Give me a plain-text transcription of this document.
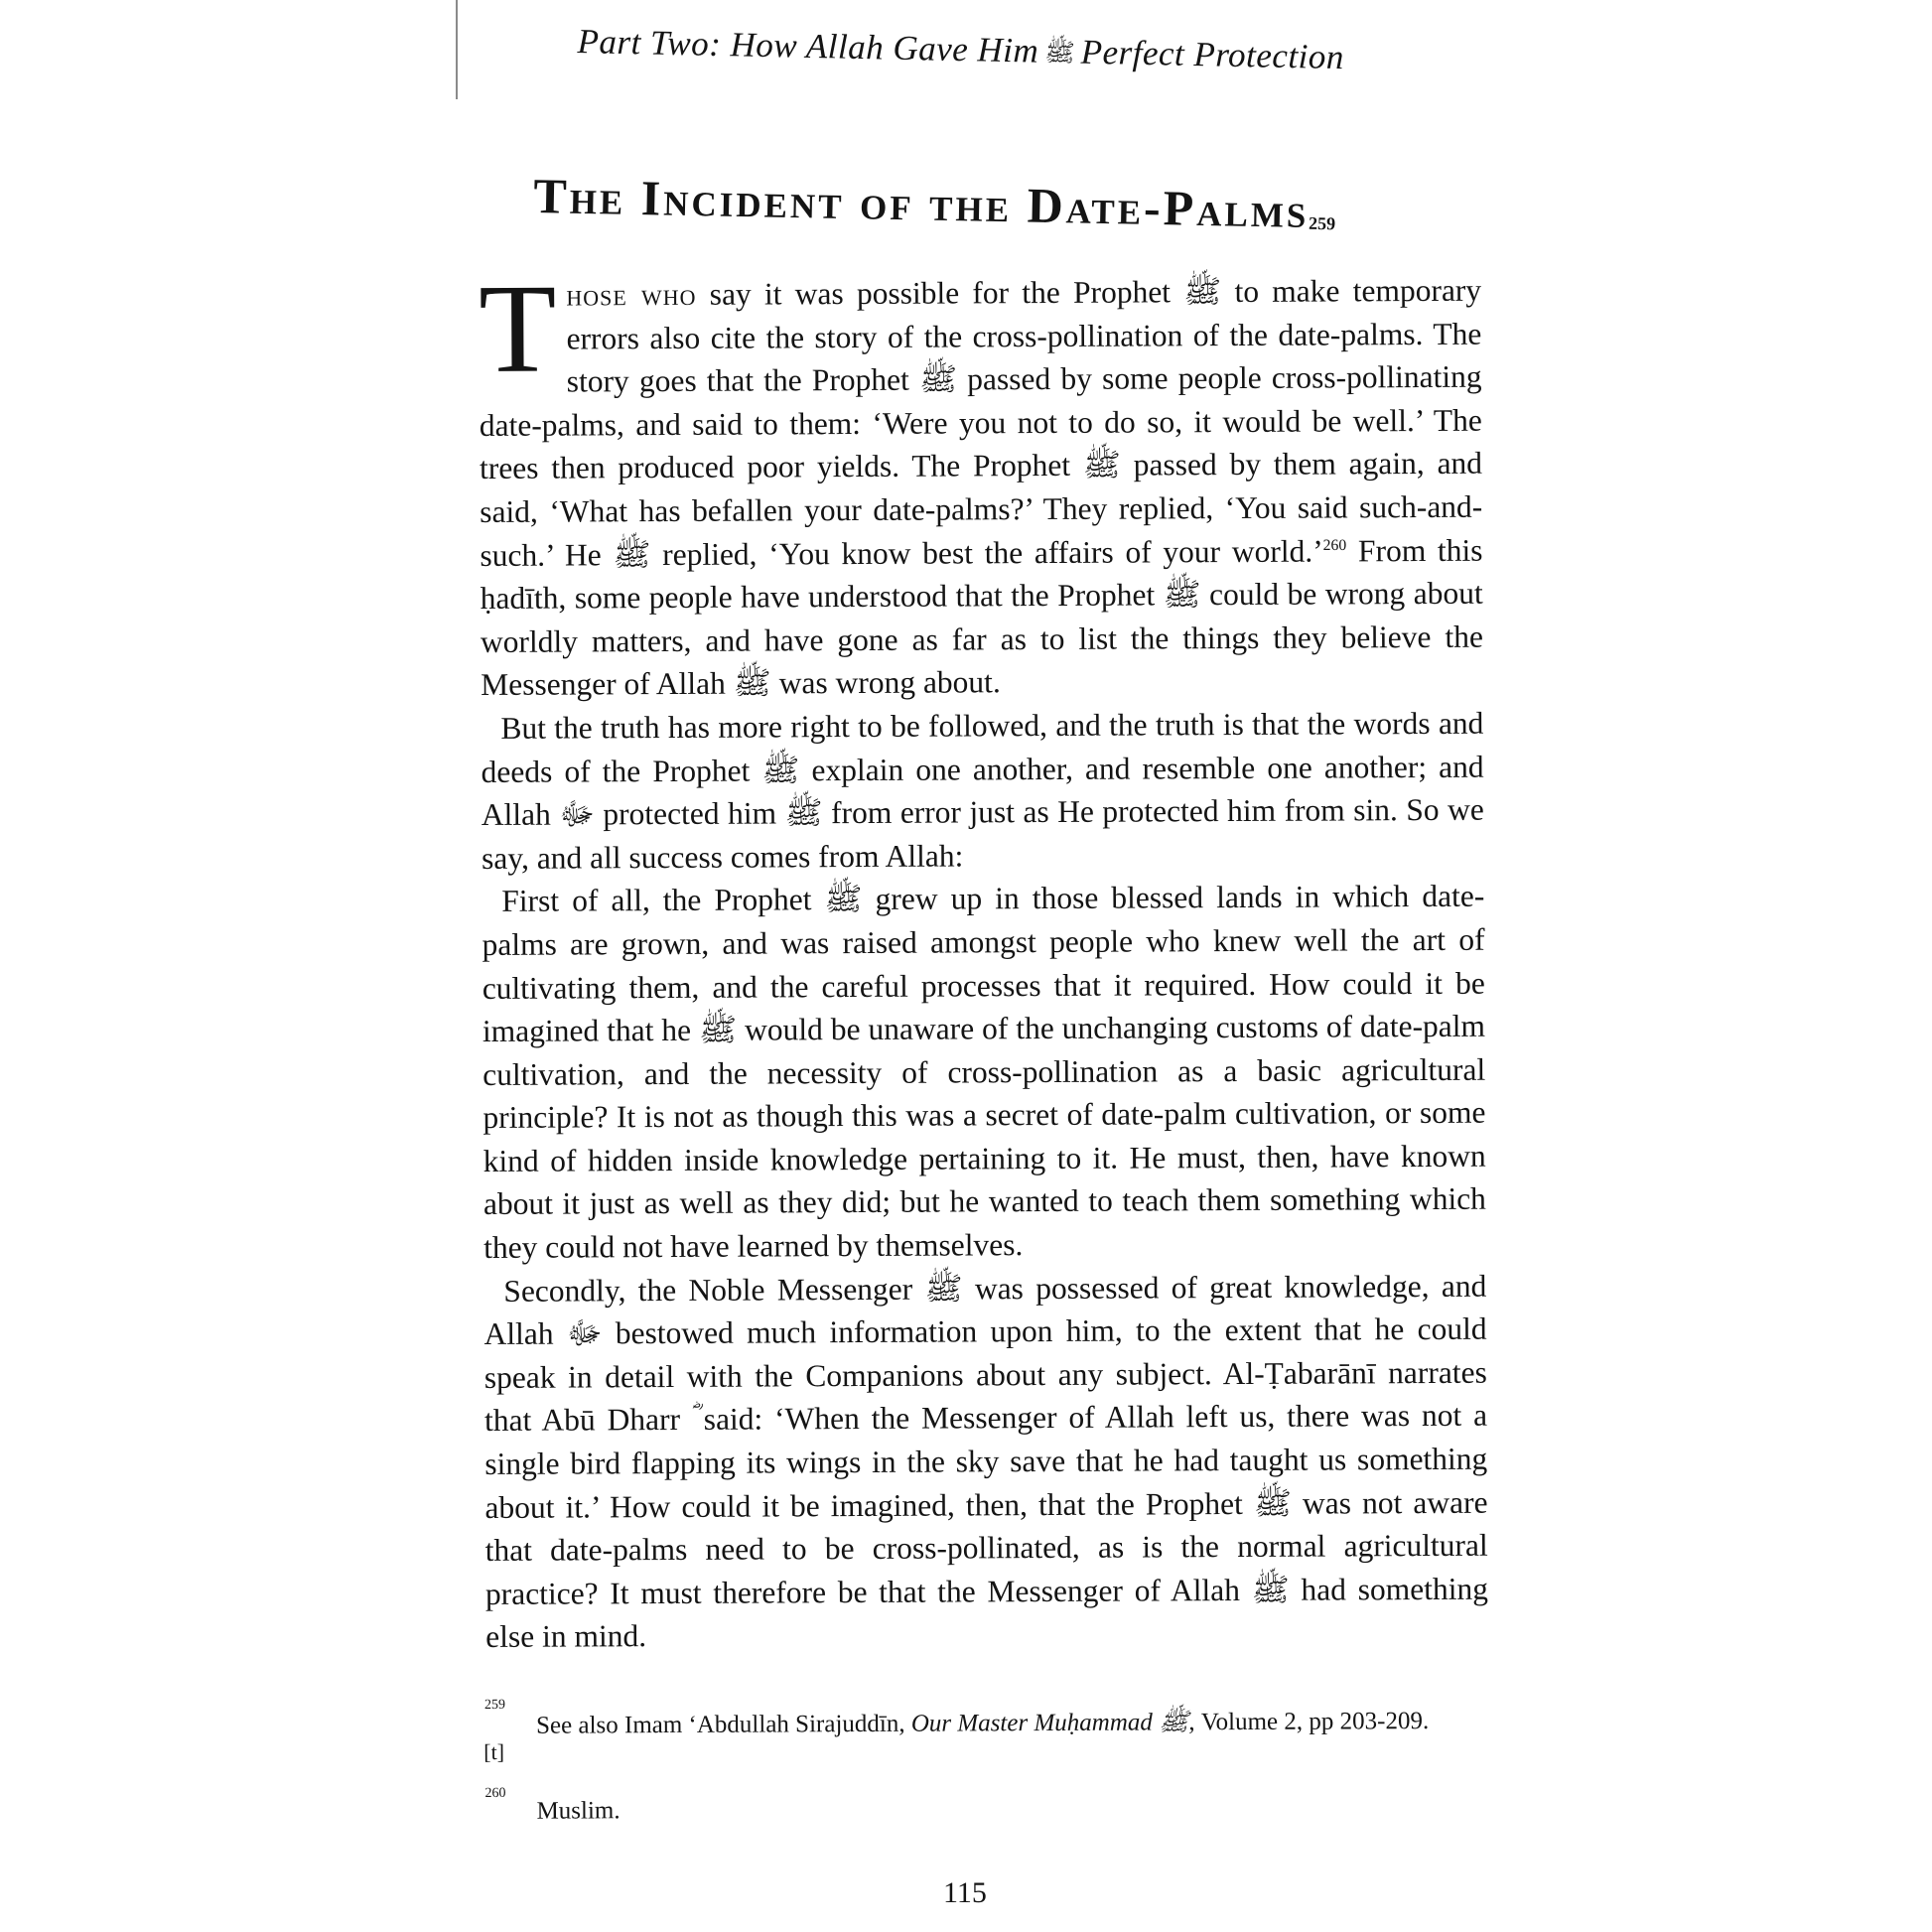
Part Two: How Allah Gave Him ﷺ Perfect Protection
The Incident of the Date-Palms259

Those who say it was possible for the Prophet ﷺ to make temporary errors also cite the story of the cross-pollination of the date-palms. The story goes that the Prophet ﷺ passed by some people cross-pollinating date-palms, and said to them: ‘Were you not to do so, it would be well.’ The trees then produced poor yields. The Prophet ﷺ passed by them again, and said, ‘What has befallen your date-palms?’ They replied, ‘You said such-and-such.’ He ﷺ replied, ‘You know best the affairs of your world.’$^{260}$ From this ḥadīth, some people have understood that the Prophet ﷺ could be wrong about worldly matters, and have gone as far as to list the things they believe the Messenger of Allah ﷺ was wrong about.

But the truth has more right to be followed, and the truth is that the words and deeds of the Prophet ﷺ explain one another, and resemble one another; and Allah ﷻ protected him ﷺ from error just as He protected him from sin. So we say, and all success comes from Allah:

First of all, the Prophet ﷺ grew up in those blessed lands in which date-palms are grown, and was raised amongst people who knew well the art of cultivating them, and the careful processes that it required. How could it be imagined that he ﷺ would be unaware of the unchanging customs of date-palm cultivation, and the necessity of cross-pollination as a basic agricultural principle? It is not as though this was a secret of date-palm cultivation, or some kind of hidden inside knowledge pertaining to it. He must, then, have known about it just as well as they did; but he wanted to teach them something which they could not have learned by themselves.

Secondly, the Noble Messenger ﷺ was possessed of great knowledge, and Allah ﷻ bestowed much information upon him, to the extent that he could speak in detail with the Companions about any subject. Al-Ṭabarānī narrates that Abū Dharr ؓ said: ‘When the Messenger of Allah left us, there was not a single bird flapping its wings in the sky save that he had taught us something about it.’ How could it be imagined, then, that the Prophet ﷺ was not aware that date-palms need to be cross-pollinated, as is the normal agricultural practice? It must therefore be that the Messenger of Allah ﷺ had something else in mind.

259
[t]
See also Imam ‘Abdullah Sirajuddīn, Our Master Muḥammad ﷺ, Volume 2, pp 203-209.
260
Muslim.
115
